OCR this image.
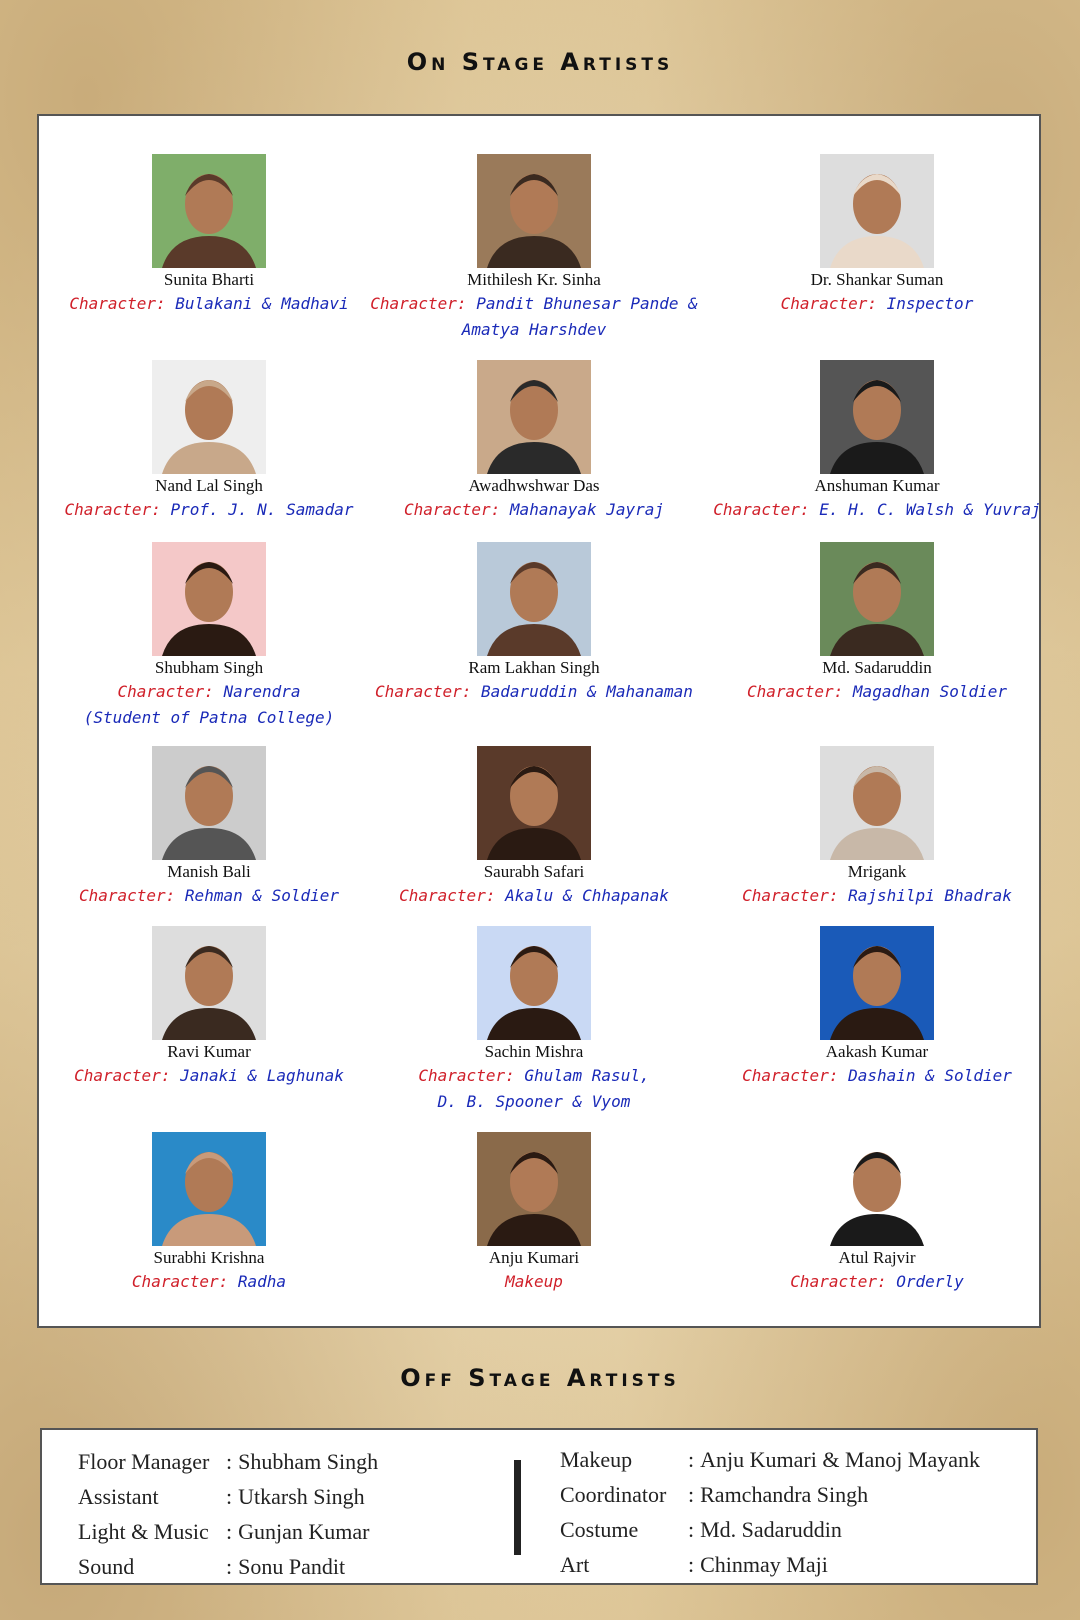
On Stage Artists
Sunita Bharti
Character: Bulakani & Madhavi
Mithilesh Kr. Sinha
Character: Pandit Bhunesar Pande &
Amatya Harshdev
Dr. Shankar Suman
Character: Inspector
Nand Lal Singh
Character: Prof. J. N. Samadar
Awadhwshwar Das
Character: Mahanayak Jayraj
Anshuman Kumar
Character: E. H. C. Walsh & Yuvraj
Shubham Singh
Character: Narendra
(Student of Patna College)
Ram Lakhan Singh
Character: Badaruddin & Mahanaman
Md. Sadaruddin
Character: Magadhan Soldier
Manish Bali
Character: Rehman & Soldier
Saurabh Safari
Character: Akalu & Chhapanak
Mrigank
Character: Rajshilpi Bhadrak
Ravi Kumar
Character: Janaki & Laghunak
Sachin Mishra
Character: Ghulam Rasul,
D. B. Spooner & Vyom
Aakash Kumar
Character: Dashain & Soldier
Surabhi Krishna
Character: Radha
Anju Kumari
Makeup
Atul Rajvir
Character: Orderly
Off Stage Artists
Floor Manager : Shubham Singh
Assistant	: Utkarsh Singh
Light & Music : Gunjan Kumar
Sound	: Sonu Pandit
Makeup	: Anju Kumari & Manoj Mayank
Coordinator : Ramchandra Singh
Costume	: Md. Sadaruddin
Art	: Chinmay Maji
